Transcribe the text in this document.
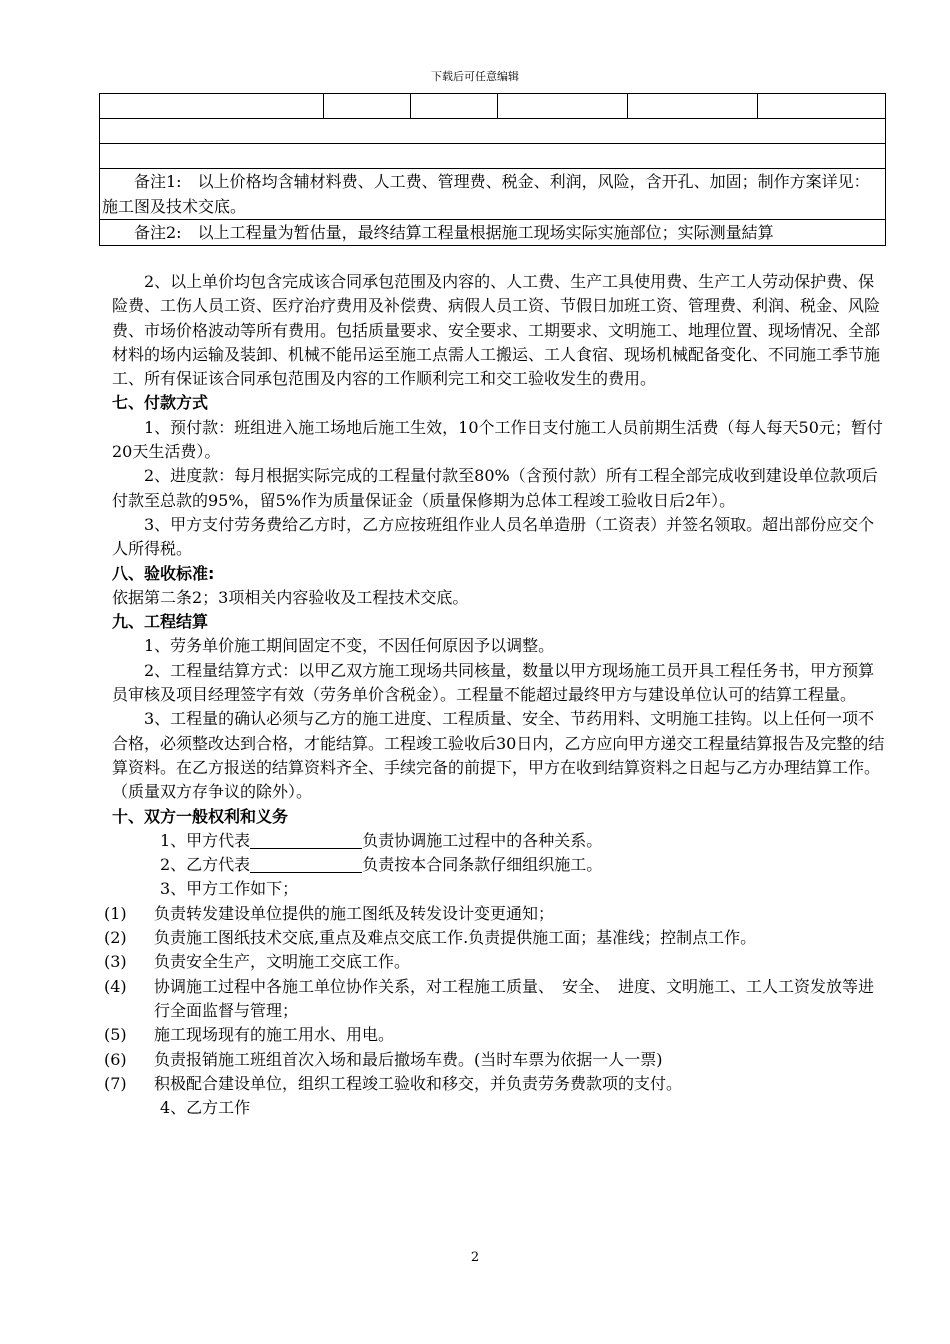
下载后可任意编辑

备注1:　以上价格均含辅材料费、人工费、管理费、税金、利润，风险，含开孔、加固；制作方案详见：施工图及技术交底。
备注2:　以上工程量为暂估量，最终结算工程量根据施工现场实际实施部位；实际测量結算

2、以上单价均包含完成该合同承包范围及内容的、人工费、生产工具使用费、生产工人劳动保护费、保险费、工伤人员工资、医疗治疗费用及补偿费、病假人员工资、节假日加班工资、管理费、利润、税金、风险费、市场价格波动等所有费用。包括质量要求、安全要求、工期要求、文明施工、地理位置、现场情况、全部材料的场内运输及装卸、机械不能吊运至施工点需人工搬运、工人食宿、现场机械配备变化、不同施工季节施工、所有保证该合同承包范围及内容的工作顺利完工和交工验收发生的费用。

七、付款方式

1、预付款：班组进入施工场地后施工生效，10个工作日支付施工人员前期生活费（每人每天50元；暂付20天生活费）。

2、进度款：每月根据实际完成的工程量付款至80%（含预付款）所有工程全部完成收到建设单位款项后付款至总款的95%，留5%作为质量保证金（质量保修期为总体工程竣工验收日后2年）。

3、甲方支付劳务费给乙方时，乙方应按班组作业人员名单造册（工资表）并签名领取。超出部份应交个人所得税。

八、验收标准:

依据第二条2；3项相关内容验收及工程技术交底。

九、工程结算

1、劳务单价施工期间固定不变，不因任何原因予以调整。

2、工程量结算方式：以甲乙双方施工现场共同核量，数量以甲方现场施工员开具工程任务书，甲方预算员审核及项目经理签字有效（劳务单价含税金）。工程量不能超过最终甲方与建设单位认可的结算工程量。

3、工程量的确认必须与乙方的施工进度、工程质量、安全、节药用料、文明施工挂钩。以上任何一项不合格，必须整改达到合格，才能结算。工程竣工验收后30日内，乙方应向甲方递交工程量结算报告及完整的结算资料。在乙方报送的结算资料齐全、手续完备的前提下，甲方在收到结算资料之日起与乙方办理结算工作。（质量双方存争议的除外）。

十、双方一般权利和义务

1、甲方代表	负责协调施工过程中的各种关系。

2、乙方代表	负责按本合同条款仔细组织施工。

3、甲方工作如下；

(1) 负责转发建设单位提供的施工图纸及转发设计变更通知；
(2) 负责施工图纸技术交底,重点及难点交底工作.负责提供施工面；基准线；控制点工作。
(3) 负责安全生产，文明施工交底工作。
(4) 协调施工过程中各施工单位协作关系，对工程施工质量、　安全、　进度、文明施工、工人工资发放等进行全面监督与管理；
(5) 施工现场现有的施工用水、用电。
(6) 负责报销施工班组首次入场和最后撤场车费。(当时车票为依据一人一票)
(7) 积极配合建设单位，组织工程竣工验收和移交，并负责劳务费款项的支付。

4、乙方工作

2
